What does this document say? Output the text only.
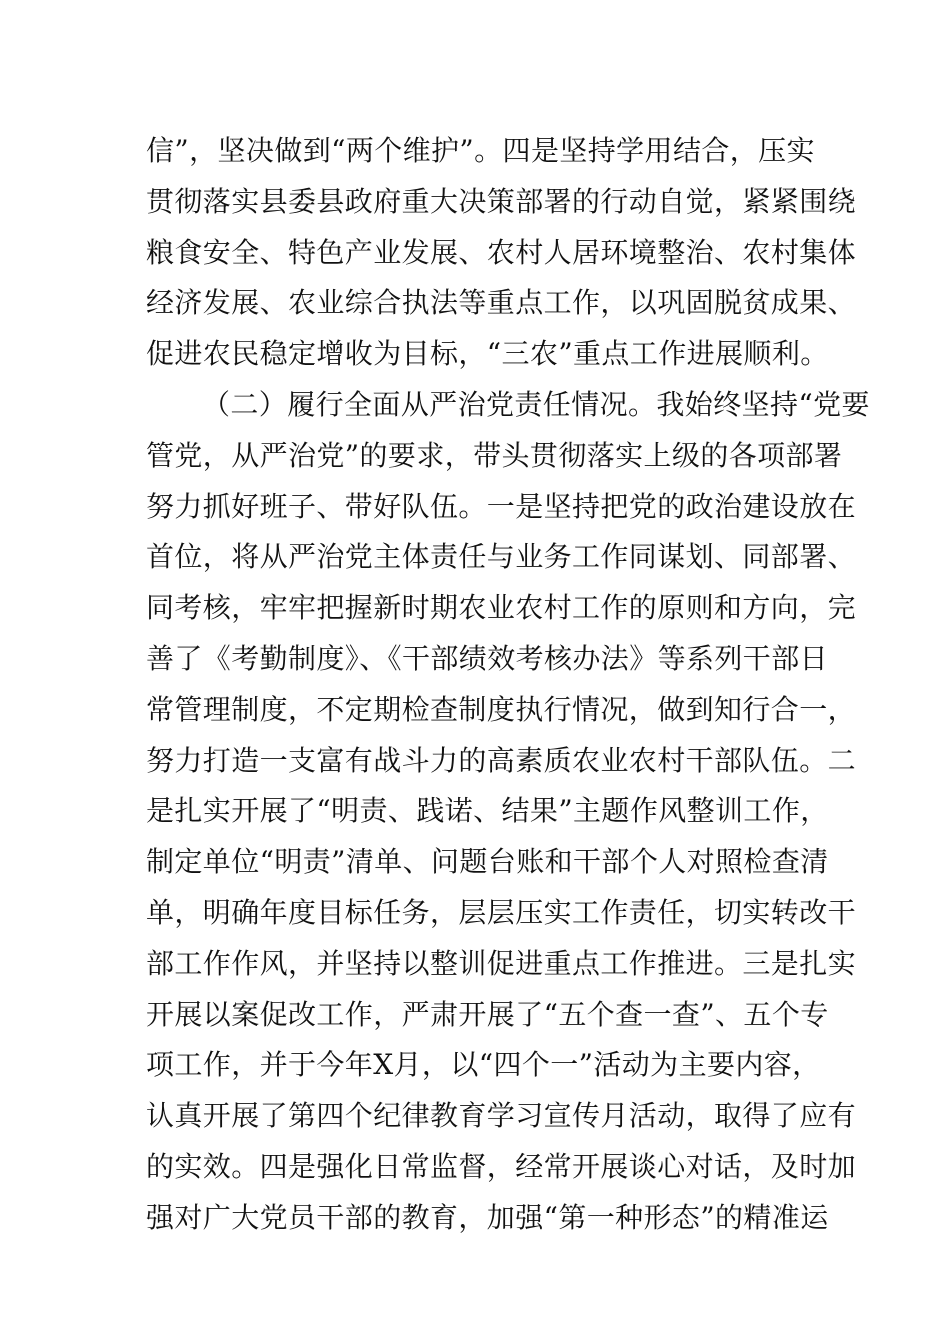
信”，坚决做到“两个维护”。四是坚持学用结合，压实
贯彻落实县委县政府重大决策部署的行动自觉，紧紧围绕
粮食安全、特色产业发展、农村人居环境整治、农村集体
经济发展、农业综合执法等重点工作，以巩固脱贫成果、
促进农民稳定增收为目标，“三农”重点工作进展顺利。
（二）履行全面从严治党责任情况。我始终坚持“党要
管党，从严治党”的要求，带头贯彻落实上级的各项部署
努力抓好班子、带好队伍。一是坚持把党的政治建设放在
首位，将从严治党主体责任与业务工作同谋划、同部署、
同考核，牢牢把握新时期农业农村工作的原则和方向，完
善了《考勤制度》、《干部绩效考核办法》等系列干部日
常管理制度，不定期检查制度执行情况，做到知行合一，
努力打造一支富有战斗力的高素质农业农村干部队伍。二
是扎实开展了“明责、践诺、结果”主题作风整训工作，
制定单位“明责”清单、问题台账和干部个人对照检查清
单，明确年度目标任务，层层压实工作责任，切实转改干
部工作作风，并坚持以整训促进重点工作推进。三是扎实
开展以案促改工作，严肃开展了“五个查一查”、五个专
项工作，并于今年X月，以“四个一”活动为主要内容，
认真开展了第四个纪律教育学习宣传月活动，取得了应有
的实效。四是强化日常监督，经常开展谈心对话，及时加
强对广大党员干部的教育，加强“第一种形态”的精准运
